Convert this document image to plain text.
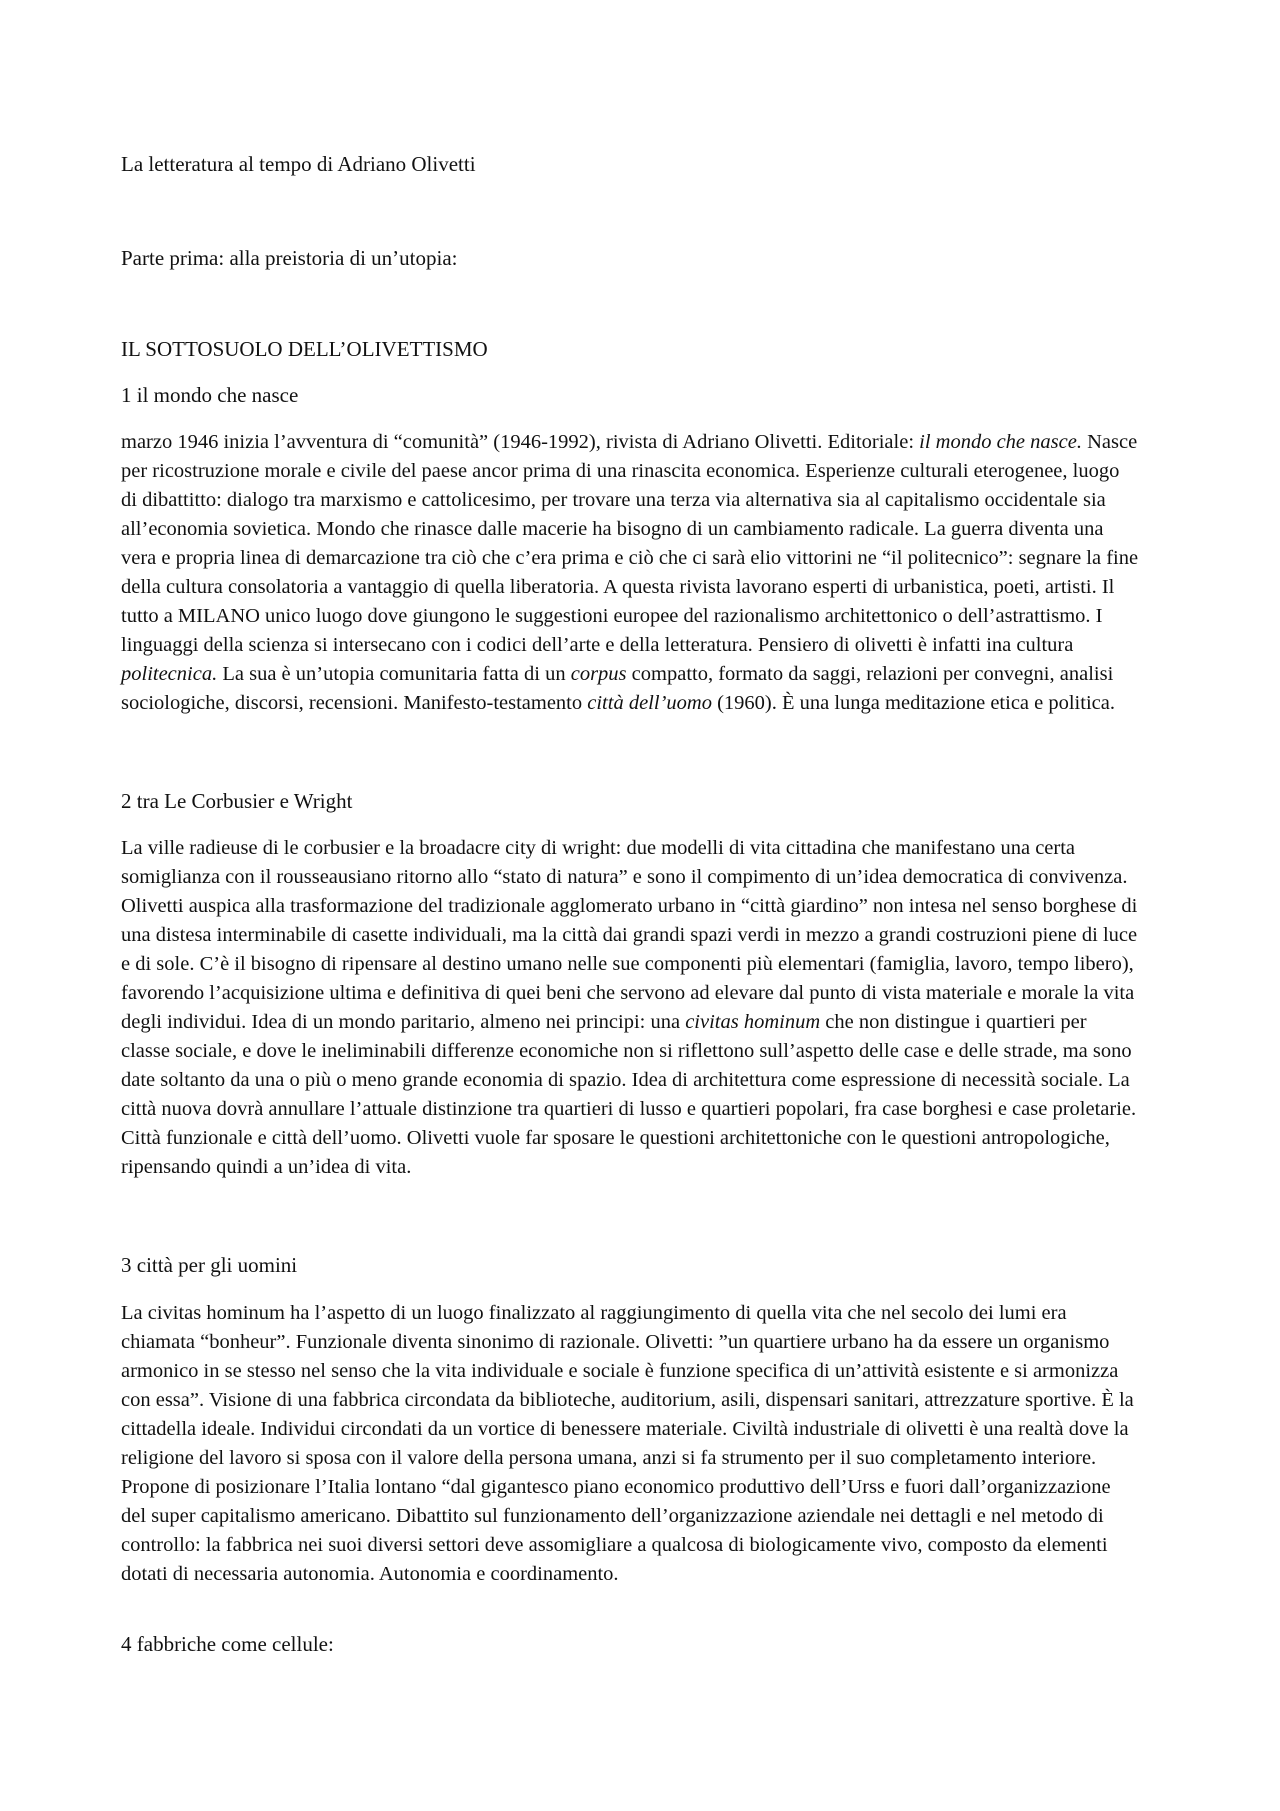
La letteratura al tempo di Adriano Olivetti

Parte prima: alla preistoria di un’utopia:

IL SOTTOSUOLO DELL’OLIVETTISMO

1 il mondo che nasce

marzo 1946 inizia l’avventura di “comunità” (1946-1992), rivista di Adriano Olivetti. Editoriale: il mondo che nasce. Nasce per ricostruzione morale e civile del paese ancor prima di una rinascita economica. Esperienze culturali eterogenee, luogo di dibattitto: dialogo tra marxismo e cattolicesimo, per trovare una terza via alternativa sia al capitalismo occidentale sia all’economia sovietica. Mondo che rinasce dalle macerie ha bisogno di un cambiamento radicale. La guerra diventa una vera e propria linea di demarcazione tra ciò che c’era prima e ciò che ci sarà elio vittorini ne “il politecnico”: segnare la fine della cultura consolatoria a vantaggio di quella liberatoria. A questa rivista lavorano esperti di urbanistica, poeti, artisti. Il tutto a MILANO unico luogo dove giungono le suggestioni europee del razionalismo architettonico o dell’astrattismo. I linguaggi della scienza si intersecano con i codici dell’arte e della letteratura. Pensiero di olivetti è infatti ina cultura politecnica. La sua è un’utopia comunitaria fatta di un corpus compatto, formato da saggi, relazioni per convegni, analisi sociologiche, discorsi, recensioni. Manifesto-testamento città dell’uomo (1960). È una lunga meditazione etica e politica.

2 tra Le Corbusier e Wright

La ville radieuse di le corbusier e la broadacre city di wright: due modelli di vita cittadina che manifestano una certa somiglianza con il rousseausiano ritorno allo “stato di natura” e sono il compimento di un’idea democratica di convivenza. Olivetti auspica alla trasformazione del tradizionale agglomerato urbano in “città giardino” non intesa nel senso borghese di una distesa interminabile di casette individuali, ma la città dai grandi spazi verdi in mezzo a grandi costruzioni piene di luce e di sole. C’è il bisogno di ripensare al destino umano nelle sue componenti più elementari (famiglia, lavoro, tempo libero), favorendo l’acquisizione ultima e definitiva di quei beni che servono ad elevare dal punto di vista materiale e morale la vita degli individui. Idea di un mondo paritario, almeno nei principi: una civitas hominum che non distingue i quartieri per classe sociale, e dove le ineliminabili differenze economiche non si riflettono sull’aspetto delle case e delle strade, ma sono date soltanto da una o più o meno grande economia di spazio. Idea di architettura come espressione di necessità sociale. La città nuova dovrà annullare l’attuale distinzione tra quartieri di lusso e quartieri popolari, fra case borghesi e case proletarie. Città funzionale e città dell’uomo. Olivetti vuole far sposare le questioni architettoniche con le questioni antropologiche, ripensando quindi a un’idea di vita.

3 città per gli uomini

La civitas hominum ha l’aspetto di un luogo finalizzato al raggiungimento di quella vita che nel secolo dei lumi era chiamata “bonheur”. Funzionale diventa sinonimo di razionale. Olivetti: ”un quartiere urbano ha da essere un organismo armonico in se stesso nel senso che la vita individuale e sociale è funzione specifica di un’attività esistente e si armonizza con essa”. Visione di una fabbrica circondata da biblioteche, auditorium, asili, dispensari sanitari, attrezzature sportive. È la cittadella ideale. Individui circondati da un vortice di benessere materiale. Civiltà industriale di olivetti è una realtà dove la religione del lavoro si sposa con il valore della persona umana, anzi si fa strumento per il suo completamento interiore. Propone di posizionare l’Italia lontano “dal gigantesco piano economico produttivo dell’Urss e fuori dall’organizzazione del super capitalismo americano. Dibattito sul funzionamento dell’organizzazione aziendale nei dettagli e nel metodo di controllo: la fabbrica nei suoi diversi settori deve assomigliare a qualcosa di biologicamente vivo, composto da elementi dotati di necessaria autonomia. Autonomia e coordinamento.

4 fabbriche come cellule:
